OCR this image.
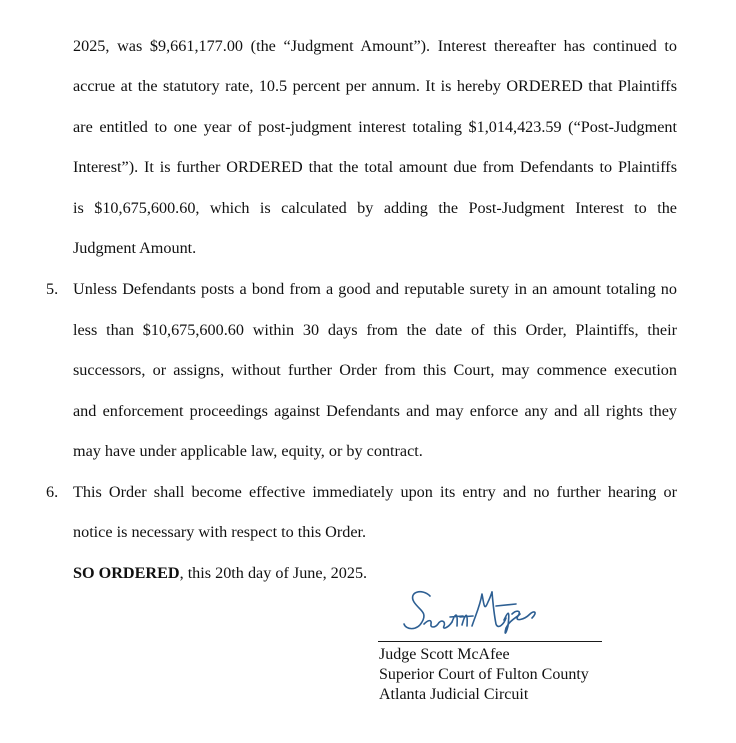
2025, was $9,661,177.00 (the “Judgment Amount”). Interest thereafter has continued to
accrue at the statutory rate, 10.5 percent per annum. It is hereby ORDERED that Plaintiffs
are entitled to one year of post-judgment interest totaling $1,014,423.59 (“Post-Judgment
Interest”). It is further ORDERED that the total amount due from Defendants to Plaintiffs
is $10,675,600.60, which is calculated by adding the Post-Judgment Interest to the
Judgment Amount.
5. Unless Defendants posts a bond from a good and reputable surety in an amount totaling no
less than $10,675,600.60 within 30 days from the date of this Order, Plaintiffs, their
successors, or assigns, without further Order from this Court, may commence execution
and enforcement proceedings against Defendants and may enforce any and all rights they
may have under applicable law, equity, or by contract.
6. This Order shall become effective immediately upon its entry and no further hearing or
notice is necessary with respect to this Order.
SO ORDERED, this 20th day of June, 2025.
Judge Scott McAfee
Superior Court of Fulton County
Atlanta Judicial Circuit
